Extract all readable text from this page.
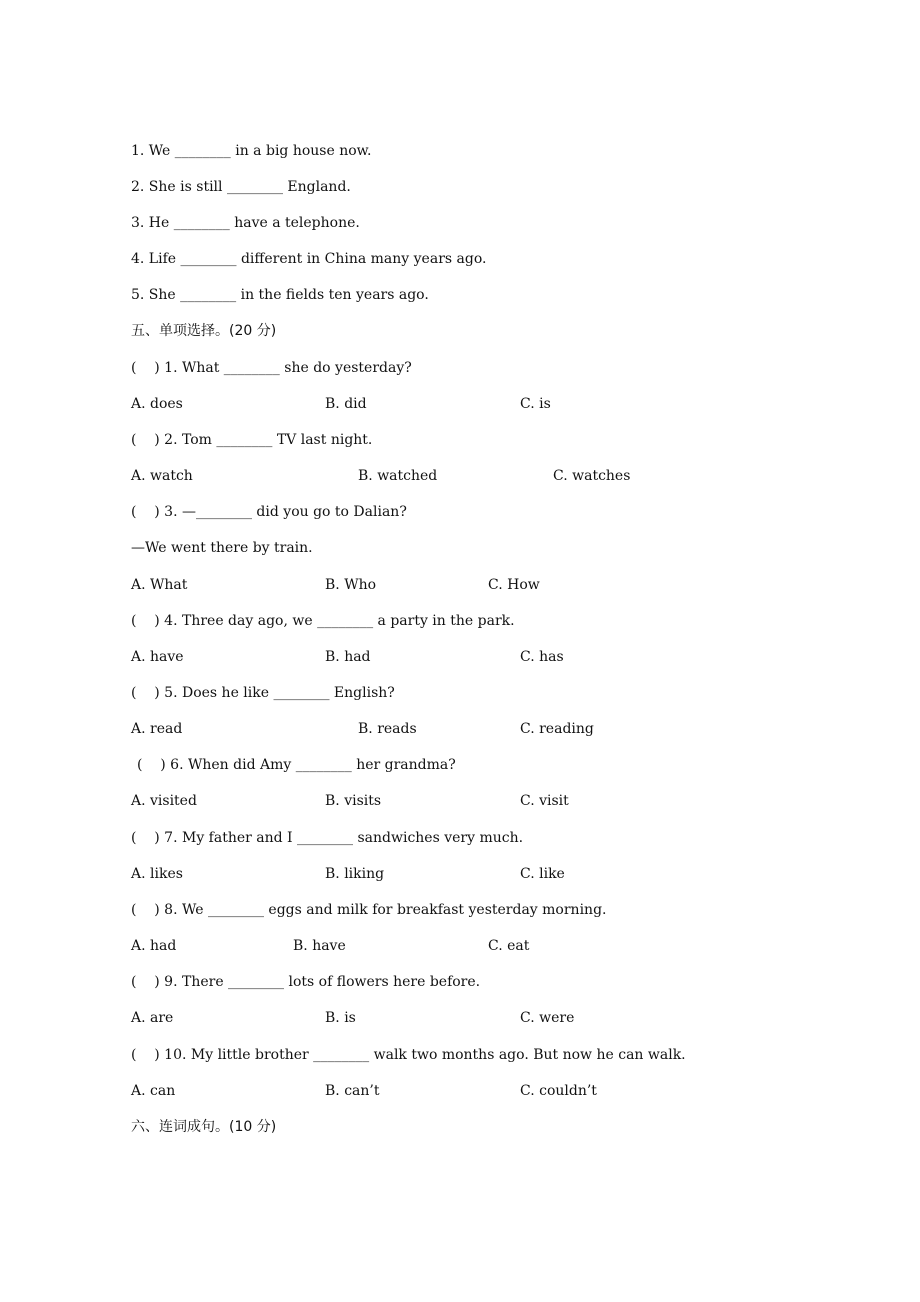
1. We ________ in a big house now.
2. She is still ________ England.
3. He ________ have a telephone.
4. Life ________ different in China many years ago.
5. She ________ in the fields ten years ago.
五、单项选择。(20 分)
(    ) 1. What ________ she do yesterday?
A. does	B. did	C. is
(    ) 2. Tom ________ TV last night.
A. watch	B. watched	C. watches
(    ) 3. —________ did you go to Dalian?
—We went there by train.
A. What	B. Who	C. How
(    ) 4. Three day ago, we ________ a party in the park.
A. have	B. had	C. has
(    ) 5. Does he like ________ English?
A. read	B. reads	C. reading
(    ) 6. When did Amy ________ her grandma?
A. visited	B. visits	C. visit
(    ) 7. My father and I ________ sandwiches very much.
A. likes	B. liking	C. like
(    ) 8. We ________ eggs and milk for breakfast yesterday morning.
A. had	B. have	C. eat
(    ) 9. There ________ lots of flowers here before.
A. are	B. is	C. were
(    ) 10. My little brother ________ walk two months ago. But now he can walk.
A. can	B. can’t	C. couldn’t
六、连词成句。(10 分)
